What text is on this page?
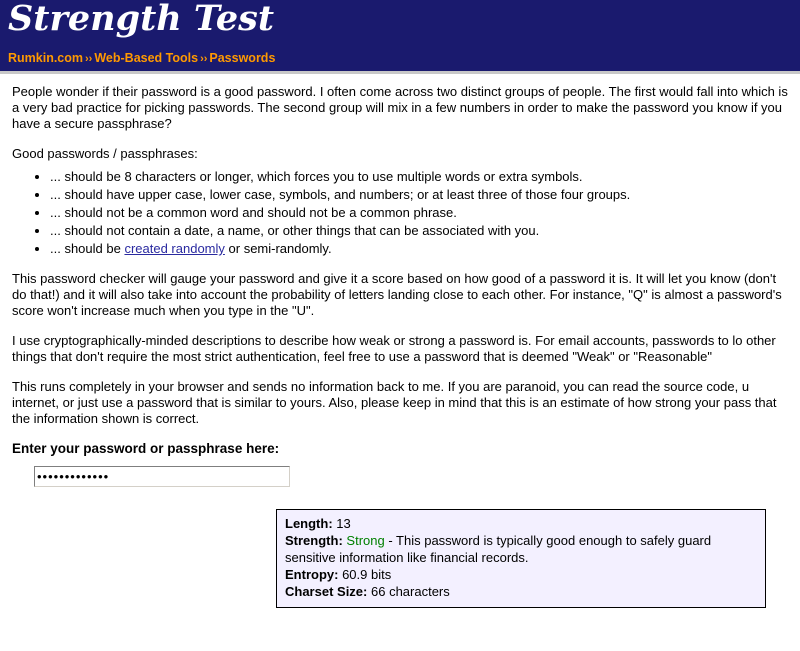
Strength Test
Rumkin.com ›› Web-Based Tools ›› Passwords

People wonder if their password is a good password. I often come across two distinct groups of people. The first would fall into which is a very bad practice for picking passwords. The second group will mix in a few numbers in order to make the password you know if you have a secure passphrase?

Good passwords / passphrases:

• ... should be 8 characters or longer, which forces you to use multiple words or extra symbols.
• ... should have upper case, lower case, symbols, and numbers; or at least three of those four groups.
• ... should not be a common word and should not be a common phrase.
• ... should not contain a date, a name, or other things that can be associated with you.
• ... should be created randomly or semi-randomly.

This password checker will gauge your password and give it a score based on how good of a password it is. It will let you know (don't do that!) and it will also take into account the probability of letters landing close to each other. For instance, "Q" is almost a password's score won't increase much when you type in the "U".

I use cryptographically-minded descriptions to describe how weak or strong a password is. For email accounts, passwords to lo other things that don't require the most strict authentication, feel free to use a password that is deemed "Weak" or "Reasonable"

This runs completely in your browser and sends no information back to me. If you are paranoid, you can read the source code, u internet, or just use a password that is similar to yours. Also, please keep in mind that this is an estimate of how strong your pass that the information shown is correct.

Enter your password or passphrase here:
•••••••••••••
Length: 13
Strength: Strong - This password is typically good enough to safely guard sensitive information like financial records.
Entropy: 60.9 bits
Charset Size: 66 characters
